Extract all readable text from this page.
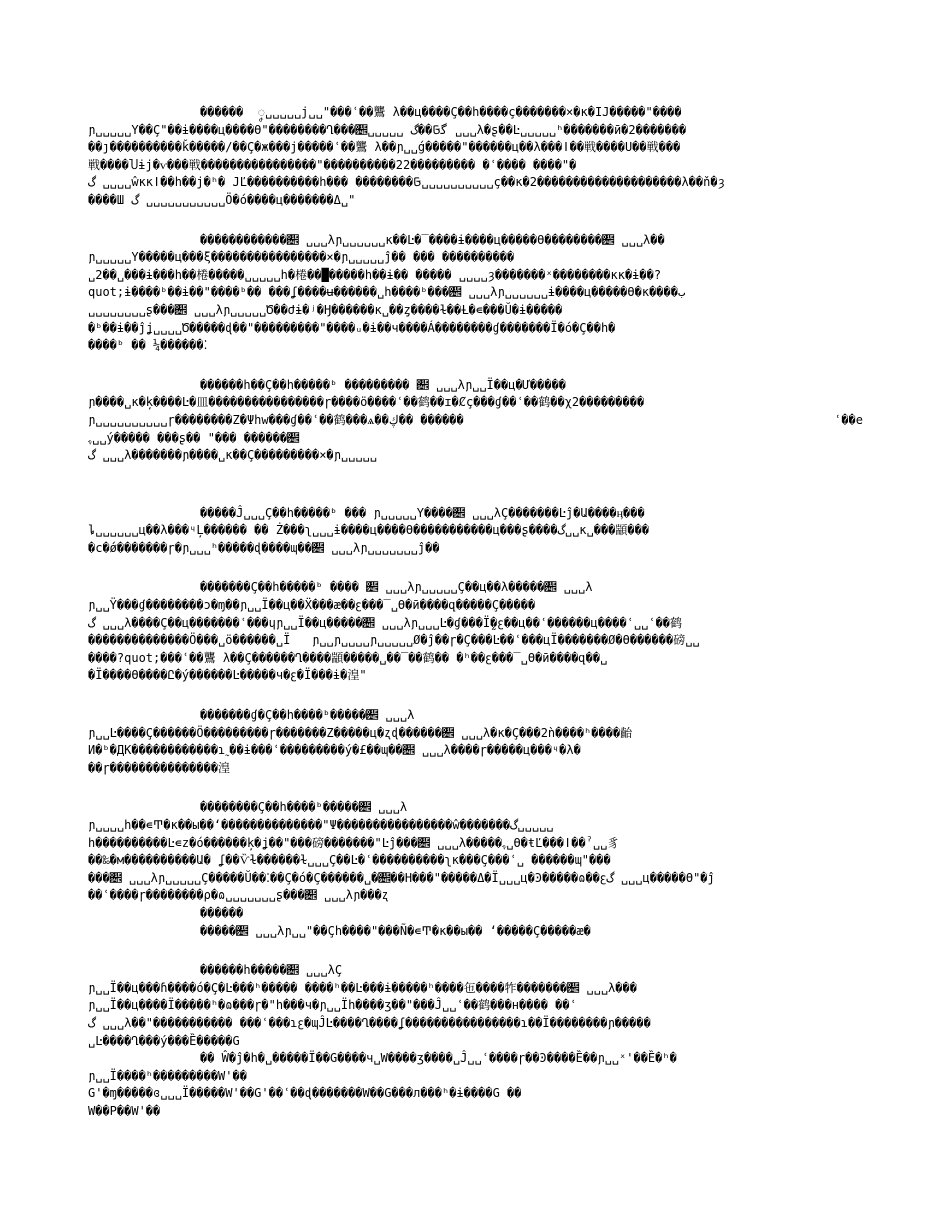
������ �ၞ␣␣␣␣␣j␣␣"���ʿ��鸗 λ��ц����Ç��h����ç�������×�κ�IJ�����"����
ɲ␣␣␣␣␣Y��Ç"��ɨ����ц����ϴ"��������Ղ���گ𞤀��گ ␣␣␣␣␣𞥎 ␣␣␣λ�ʂ��Ŀ␣␣␣␣␣ʰ�������ӣ�2�������
��ȷ����������ǩ�����/��Ç�ж���j�����ʿ��鸗 λ��ɲ␣␣ǵ�����"������ц��λ���ǀ��戦����Ս��戦���
戦����Ⴎɨj�ѵ���戦����������������"����������22��������� �ʿ���� ����"�
گ ␣␣␣␣ŵκκǀ��h��j�ʰ� JĽ����������h��� ��������𞤀␣␣␣␣␣␣␣␣␣␣ç��κ�2��������������������λ��ň�ȝ
����Ш گ ␣␣␣␣␣␣␣␣␣␣␣Ö�ó����ц�������Δ␣"
������������𞥎 ␣␣␣λɲ␣␣␣␣␣␣κ��Ŀ�‾����ɨ����ц�����ϴ��������𞥎 ␣␣␣λ��
ɲ␣␣␣␣␣Y�����ц���ξ����������������×�ɲ␣␣␣␣␣ĵ�� ��� ����������
␣2��␣���ɨ���h��棬�����␣␣␣␣␣h�棬��█�����h��ɨ�� ����� ␣␣␣␣ȝ�������ˣ��������κκ�ɨ��?
quot;ɨ����ᵇ��ɨ��"����ᵇ�� ���ʆ����ʉ������␣h����ᵇ���𞥎 ␣␣␣λɲ␣␣␣␣␣␣ɨ����ц�����ϴ�κ����ب
␣␣␣␣␣␣␣␣ʂ���𞥎 ␣␣␣λɲ␣␣␣␣␣Ծ��Ժɨ�ʲ�Ӈ������κ␣��ȥ����ɫ��Ƚ�∊���Ŭ�ɨ�����
�ᵇ��ɨ��ĵʝ␣␣␣␣Ծ�����ɖ��"���������"����ᵤ�ɨ��ч����Á��������ɠ�������Ϊ�ó�Ç��h�
����ᵇ �� ¼������⁚
������h��Ç��h�����ᵇ ��������� 𞥎 ␣␣␣λɲ␣␣Ϊ��ц�Ư�����
ɲ����␣κ�ķ����Ŀ�皿����������������ɼ����ö����ʿ��鹤��ɪ�Ȼç���ɠ��ʿ��鹤��χ2���������
ɲ␣␣␣␣␣␣␣␣␣␣ɼ��������Z�Ψhw���ɠ��ʿ��鹤���ѧ��ڮ�� ������	ʿ��e
ﮩ␣␣ý����� ���ʂ�� "��� ������𞥎
گ ␣␣␣λ�������ɲ����␣κ��Ç���������×�ɲ␣␣␣␣␣
�����Ĵ␣␣␣Ç��h�����ᵇ ��� ɲ␣␣␣␣␣Y����𞥎 ␣␣␣λÇ�������Ŀĵ�Ա����ӊ���
ȴ␣␣␣␣␣␣ц��λ���ᶣĻ������ �� Ż���ʅ␣␣␣ɨ����ц����ϴ�����������ц���ʂ����گ␣␣κ␣���顓���
�c�ǿ�������ɼ�ɲ␣␣␣ʰ�����ɖ����ɰ��𞥎 ␣␣␣λɲ␣␣␣␣␣␣␣ĵ��
�������Ç��h�����ᵇ ���� 𞥎 ␣␣␣λɲ␣␣␣␣␣Ç��ц��λ�����𞥎 ␣␣␣λ
ɲ␣␣Ÿ���ɠ��������ɔ�ɱ��ɲ␣␣Ϊ��ц��Ẍ���æ��ꜫ���‾␣ϴ�ӣ����զ�����Ç�����
گ ␣␣␣λ����Ç��ц�������ʿ���ɥɲ␣␣Ϊ��ц�����𞥎 ␣␣␣λɲ␣␣␣Ŀ�ɠ���Ϊ̰�ꜫ��ц��ʿ������ц����ʿ␣␣ʿ��鹤
��������������Ö���␣ö������␣Ï   ɲ␣␣ɲ␣␣␣␣ɲ␣␣␣␣␣Ø�ĵ��ɼ�Ç���Ŀ��ʿ���цΪ�������Ø�ϴ������磅␣␣
����?quot;���ʿ��鸗 λ��Ç������Ղ����顓�����␣��‾��鹤�� �ʰ��ꜫ���‾␣ϴ�ӣ����զ��␣
�Ϊ����ϴ����Ը�ý������Ŀ�����ч�ꜫ�Ϊ���ɨ�湟"
�������ɠ�Ç��h����ᵇ�����𞥎 ␣␣␣λ
ɲ␣␣Ŀ����Ç������Ö���������ɼ�������Z�����ц�ʐɖ������𞥎 ␣␣␣λ�κ�Ç���2ǹ����ʰ����齝
И�ᵇ�ДК������������ɿ˷��ɨ���ʿ���������ý�£��ɰ��𞥎 ␣␣␣λ����ɼ�����ц���ᶣ�λ�
��ɼ���������������湟
��������Ç��h����ᵇ�����𞥎 ␣␣␣λ
ɲ␣␣␣␣h��∊Ͳ�κ��ы��ʻ��������������"Ψ����������������ŵ�������گ␣␣␣␣␣
h����������Ŀ∊z�ó������ķ�ʝ��"���磅�������"Ŀĵ���𞥎 ␣␣␣λ�����ﮩ␣ϴ�ŧĽ���ǀ��ˀ␣␣豸
��‰�м����������Ա� ʆ��Ѷɫ������ɫ␣␣␣Ç��Ŀ�ʿ����������ʅκ���Ç���ʿ␣ ������ɰ"���
���𞥎 ␣␣␣λɲ␣␣␣␣␣Ç�����Ŭ��⁚��Ç�ó�Ç������␣�𞥎��H���"�����Δ�Ϊ␣␣␣ц�Ͽ�����ɷ��ꜫگ ␣␣␣ц�����ϴ"�ĵ
��ʿ����ɼ��������ρ�ɷ␣␣␣␣␣␣␣ʂ���𞥎 ␣␣␣λɲ���ʐ
������
�����𞥎 ␣␣␣λɲ␣␣"��Çh����"���Ñ�∊Ͳ�κ��ы�� ʻ�����Ç�����æ�
������h�����𞥎 ␣␣␣λÇ
ɲ␣␣Ϊ��ц���ɦ����ó�Ç�Ŀ���ʰ����� ����ʰ��Ŀ���ɨ�����ʰ����㐌����㸲�������𞥎 ␣␣␣λ���
ɲ␣␣Ϊ��ц����Ϊ�����ʰ�ɷ���ɼ�"h���ч�ɲ␣␣Ϊh����ʒ��"���Ĵ␣␣ʿ��鹤���н���� ��ʿ
گ ␣␣␣λ��"����������� ���ʿ���ɿꜫ�ɰĴĿ����Ղ����ʆ����������������ɿ��Ϊ��������ɲ�����
␣Ŀ����Ղ���ý���Ȅ�����G
�� Ŵ�ĵ�h�␣�����Ϊ��G����ч␣W����ʒ����␣Ĵ␣␣ʿ����ɼ��Ͽ����Ȅ��ɲ␣␣ˣ'��Ȅ�ʰ�
ɲ␣␣Ϊ����ʰ���������W'��
G'�ɱ�����ɞ␣␣␣Ϊ�����W'��G'��ʿ��ɖ�������W��G���л���ʰ�ɨ����G ��
W��P��W'��
